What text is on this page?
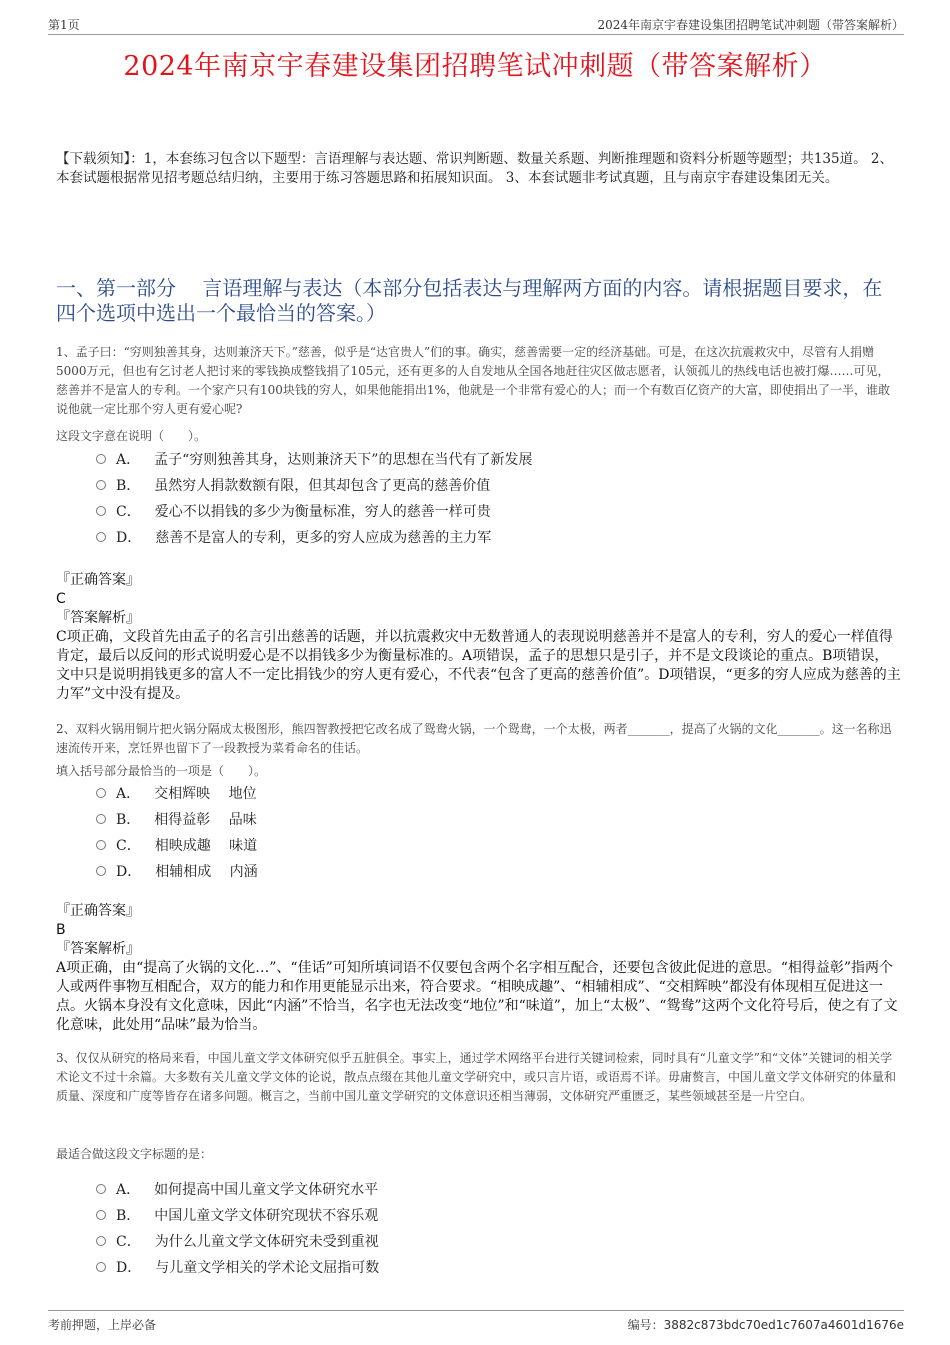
第1页	2024年南京宇春建设集团招聘笔试冲刺题（带答案解析）
2024年南京宇春建设集团招聘笔试冲刺题（带答案解析）
【下载须知】：1，本套练习包含以下题型：言语理解与表达题、常识判断题、数量关系题、判断推理题和资料分析题等题型；共135道。 2、本套试题根据常见招考题总结归纳，主要用于练习答题思路和拓展知识面。 3、本套试题非考试真题，且与南京宇春建设集团无关。
一、第一部分　 言语理解与表达（本部分包括表达与理解两方面的内容。请根据题目要求，在四个选项中选出一个最恰当的答案。）
1、孟子曰：“穷则独善其身，达则兼济天下。”慈善，似乎是“达官贵人”们的事。确实，慈善需要一定的经济基础。可是，在这次抗震救灾中，尽管有人捐赠5000万元，但也有乞讨老人把讨来的零钱换成整钱捐了105元，还有更多的人自发地从全国各地赶往灾区做志愿者，认领孤儿的热线电话也被打爆……可见，慈善并不是富人的专利。一个家产只有100块钱的穷人，如果他能捐出1%，他就是一个非常有爱心的人；而一个有数百亿资产的大富，即使捐出了一半，谁敢说他就一定比那个穷人更有爱心呢?
这段文字意在说明（　　）。
A． 孟子“穷则独善其身，达则兼济天下”的思想在当代有了新发展
B． 虽然穷人捐款数额有限，但其却包含了更高的慈善价值
C． 爱心不以捐钱的多少为衡量标准，穷人的慈善一样可贵
D． 慈善不是富人的专利，更多的穷人应成为慈善的主力军
『正确答案』
C
『答案解析』
C项正确，文段首先由孟子的名言引出慈善的话题，并以抗震救灾中无数普通人的表现说明慈善并不是富人的专利，穷人的爱心一样值得肯定，最后以反问的形式说明爱心是不以捐钱多少为衡量标准的。A项错误，孟子的思想只是引子，并不是文段谈论的重点。B项错误，文中只是说明捐钱更多的富人不一定比捐钱少的穷人更有爱心，不代表“包含了更高的慈善价值”。D项错误，“更多的穷人应成为慈善的主力军”文中没有提及。
2、双料火锅用铜片把火锅分隔成太极图形，熊四智教授把它改名成了鸳鸯火锅，一个鸳鸯，一个太极，两者_______，提高了火锅的文化_______。这一名称迅速流传开来，烹饪界也留下了一段教授为菜肴命名的佳话。
填入括号部分最恰当的一项是（　　）。
A． 交相辉映　 地位
B． 相得益彰　 品味
C． 相映成趣　 味道
D． 相辅相成　 内涵
『正确答案』
B
『答案解析』
A项正确，由“提高了火锅的文化…”、“佳话”可知所填词语不仅要包含两个名字相互配合，还要包含彼此促进的意思。“相得益彰”指两个人或两件事物互相配合，双方的能力和作用更能显示出来，符合要求。“相映成趣”、“相辅相成”、“交相辉映”都没有体现相互促进这一点。火锅本身没有文化意味，因此“内涵”不恰当，名字也无法改变“地位”和“味道”，加上“太极”、“鸳鸯”这两个文化符号后，使之有了文化意味，此处用“品味”最为恰当。
3、仅仅从研究的格局来看，中国儿童文学文体研究似乎五脏俱全。事实上，通过学术网络平台进行关键词检索，同时具有“儿童文学”和“文体”关键词的相关学术论文不过十余篇。大多数有关儿童文学文体的论说，散点点缀在其他儿童文学研究中，或只言片语，或语焉不详。毋庸赘言，中国儿童文学文体研究的体量和质量、深度和广度等皆存在诸多问题。概言之，当前中国儿童文学研究的文体意识还相当薄弱，文体研究严重匮乏，某些领域甚至是一片空白。
最适合做这段文字标题的是：
A． 如何提高中国儿童文学文体研究水平
B． 中国儿童文学文体研究现状不容乐观
C． 为什么儿童文学文体研究未受到重视
D． 与儿童文学相关的学术论文屈指可数
考前押题，上岸必备	编号：3882c873bdc70ed1c7607a4601d1676e
